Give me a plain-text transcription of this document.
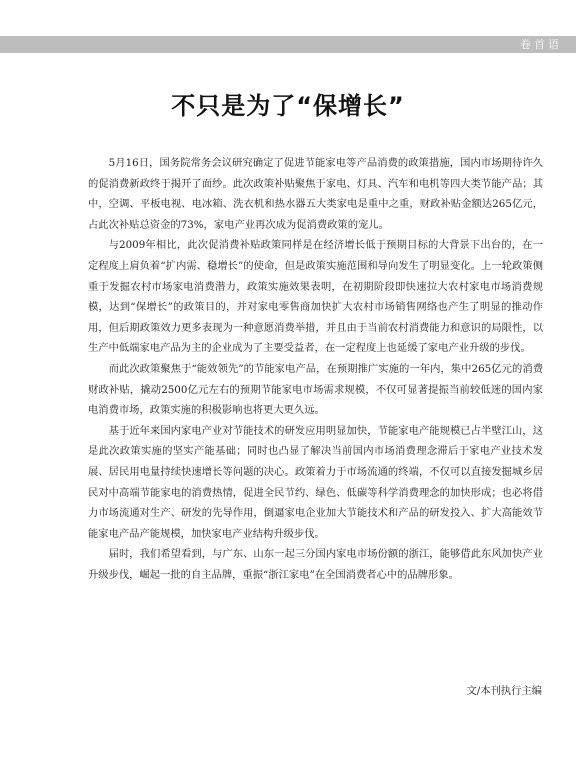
卷首语
不只是为了“保增长”

5月16日，国务院常务会议研究确定了促进节能家电等产品消费的政策措施，国内市场期待许久的促消费新政终于揭开了面纱。此次政策补贴聚焦于家电、灯具、汽车和电机等四大类节能产品；其中，空调、平板电视、电冰箱、洗衣机和热水器五大类家电是重中之重，财政补贴金额达265亿元，占此次补贴总资金的73%，家电产业再次成为促消费政策的宠儿。

与2009年相比，此次促消费补贴政策同样是在经济增长低于预期目标的大背景下出台的，在一定程度上肩负着“扩内需、稳增长”的使命，但是政策实施范围和导向发生了明显变化。上一轮政策侧重于发掘农村市场家电消费潜力，政策实施效果表明，在初期阶段即快速拉大农村家电市场消费规模，达到“保增长”的政策目的，并对家电零售商加快扩大农村市场销售网络也产生了明显的推动作用，但后期政策效力更多表现为一种意愿消费举措，并且由于当前农村消费能力和意识的局限性，以生产中低端家电产品为主的企业成为了主要受益者，在一定程度上也延缓了家电产业升级的步伐。

而此次政策聚焦于“能效领先”的节能家电产品，在预期推广实施的一年内，集中265亿元的消费财政补贴，撬动2500亿元左右的预期节能家电市场需求规模，不仅可显著提振当前较低迷的国内家电消费市场，政策实施的积极影响也将更大更久远。

基于近年来国内家电产业对节能技术的研发应用明显加快，节能家电产能规模已占半壁江山，这是此次政策实施的坚实产能基础；同时也凸显了解决当前国内市场消费理念滞后于家电产业技术发展、居民用电量持续快速增长等问题的决心。政策着力于市场流通的终端，不仅可以直接发掘城乡居民对中高端节能家电的消费热情，促进全民节约、绿色、低碳等科学消费理念的加快形成；也必将借力市场流通对生产、研发的先导作用，倒逼家电企业加大节能技术和产品的研发投入、扩大高能效节能家电产品产能规模，加快家电产业结构升级步伐。

届时，我们希望看到，与广东、山东一起三分国内家电市场份额的浙江，能够借此东风加快产业升级步伐，崛起一批的自主品牌，重振“浙江家电”在全国消费者心中的品牌形象。

文/本刊执行主编
